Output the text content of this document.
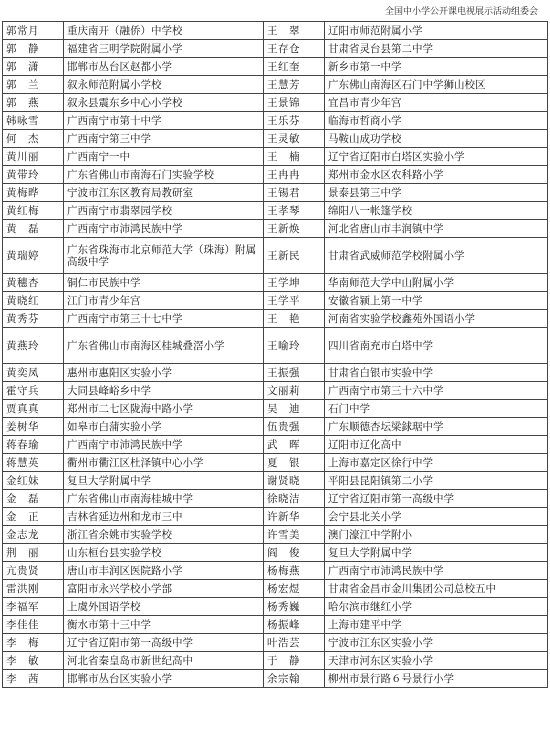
全国中小学公开课电视展示活动组委会
郭常月	重庆南开（融侨）中学校	王　翠	辽阳市师范附属小学
郭　静	福建省三明学院附属小学	王存仓	甘肃省灵台县第二中学
郭　潇	邯郸市丛台区赵都小学	王红奎	新乡市第一中学
郭　兰	叙永师范附属小学校	王慧芳	广东佛山南海区石门中学狮山校区
郭　燕	叙永县震东乡中心小学校	王景锦	宜昌市青少年宫
韩咏雪	广西南宁市第十中学	王乐芬	临海市哲商小学
何　杰	广西南宁第三中学	王灵敏	马鞍山成功学校
黄川丽	广西南宁一中	王　楠	辽宁省辽阳市白塔区实验小学
黄带玲	广东省佛山市南海石门实验学校	王冉冉	郑州市金水区农科路小学
黄梅晔	宁波市江东区教育局教研室	王锡君	景泰县第三中学
黄红梅	广西南宁市翡翠园学校	王孝琴	绵阳八一帐篷学校
黄　磊	广西南宁市沛鸿民族中学	王新焕	河北省唐山市丰润镇中学
黄瑞婷	广东省珠海市北京师范大学（珠海）附属高级中学	王新民	甘肃省武威师范学校附属小学
黄穗杏	铜仁市民族中学	王学坤	华南师范大学中山附属小学
黄晓红	江门市青少年宫	王学平	安徽省颍上第一中学
黄秀芬	广西南宁市第三十七中学	王　艳	河南省实验学校鑫苑外国语小学
黄燕玲	广东省佛山市南海区桂城叠滘小学	王喻玲	四川省南充市白塔中学
黄奕凤	惠州市惠阳区实验小学	王振强	甘肃省白银市实验中学
霍守兵	大同县峰峪乡中学	文丽莉	广西南宁市第三十六中学
贾真真	郑州市二七区陇海中路小学	吴　迪	石门中学
姜树华	如皋市白蒲实验小学	伍贵强	广东顺德杏坛梁銶琚中学
蒋春瑜	广西南宁市沛鸿民族中学	武　晖	辽阳市辽化高中
蒋慧英	衢州市衢江区杜泽镇中心小学	夏　银	上海市嘉定区徐行中学
金红妹	复旦大学附属中学	谢贤晓	平阳县昆阳镇第二小学
金　磊	广东省佛山市南海桂城中学	徐晓洁	辽宁省辽阳市第一高级中学
金　正	吉林省延边州和龙市三中	许新华	会宁县北关小学
金志龙	浙江省余姚市实验学校	许雪美	澳门濠江中学附小
荆　丽	山东桓台县实验学校	阎　俊	复旦大学附属中学
亢贵贤	唐山市丰润区医院路小学	杨梅燕	广西南宁市沛鸿民族中学
雷洪刚	富阳市永兴学校小学部	杨宏煜	甘肃省金昌市金川集团公司总校五中
李福军	上虞外国语学校	杨秀巍	哈尔滨市继红小学
李佳佳	衡水市第十三中学	杨振峰	上海市建平中学
李　梅	辽宁省辽阳市第一高级中学	叶浩芸	宁波市江东区实验小学
李　敏	河北省秦皇岛市新世纪高中	于　静	天津市河东区实验小学
李　茜	邯郸市丛台区实验小学	余宗翰	柳州市景行路６号景行小学
